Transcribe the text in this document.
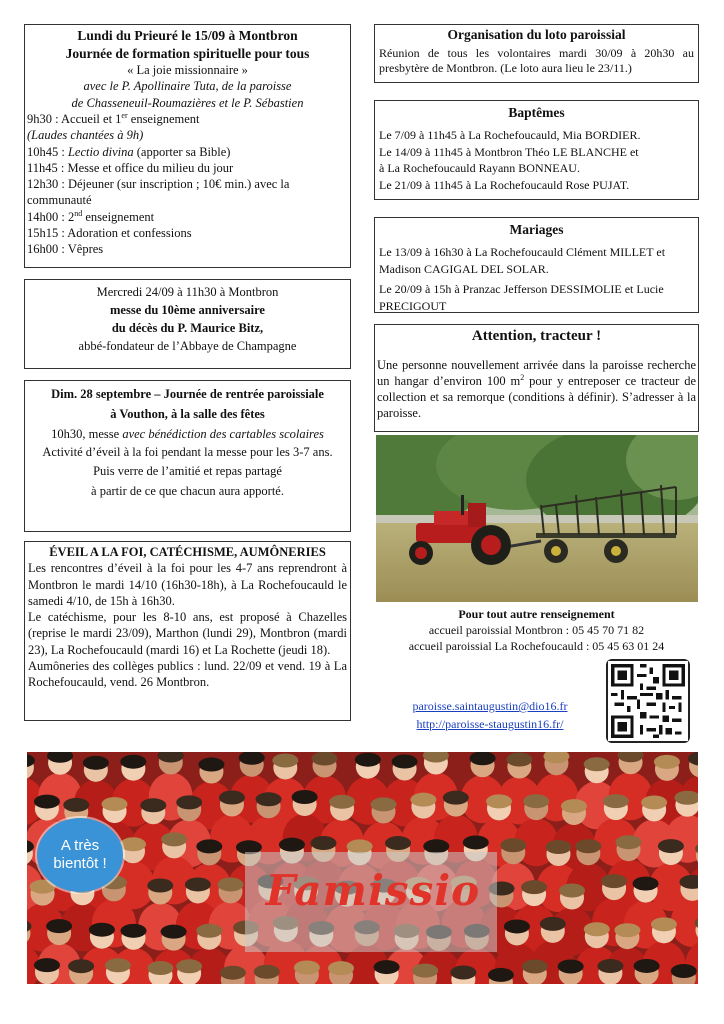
Lundi du Prieuré le 15/09 à Montbron

Journée de formation spirituelle pour tous

« La joie missionnaire »

avec le P. Apollinaire Tuta, de la paroisse

de Chasseneuil-Roumazières et le P. Sébastien

9h30 : Accueil et 1er enseignement

(Laudes chantées à 9h)

10h45 : Lectio divina (apporter sa Bible)

11h45 : Messe et office du milieu du jour

12h30 : Déjeuner (sur inscription ; 10€ min.) avec la communauté

14h00 : 2nd enseignement

15h15 : Adoration et confessions

16h00 : Vêpres

Mercredi 24/09 à 11h30 à Montbron

messe du 10ème anniversaire

du décès du P. Maurice Bitz,

abbé-fondateur de l’Abbaye de Champagne

Dim. 28 septembre – Journée de rentrée paroissiale

à Vouthon, à la salle des fêtes

10h30, messe avec bénédiction des cartables scolaires

Activité d’éveil à la foi pendant la messe pour les 3-7 ans.

Puis verre de l’amitié et repas partagé

à partir de ce que chacun aura apporté.

ÉVEIL A LA FOI, CATÉCHISME, AUMÔNERIES

Les rencontres d’éveil à la foi pour les 4-7 ans reprendront à Montbron le mardi 14/10 (16h30-18h), à La Rochefoucauld le samedi 4/10, de 15h à 16h30.

Le catéchisme, pour les 8-10 ans, est proposé à Chazelles (reprise le mardi 23/09), Marthon (lundi 29), Montbron (mardi 23), La Rochefoucauld (mardi 16) et La Rochette (jeudi 18).

Aumôneries des collèges publics : lund. 22/09 et vend. 19 à La Rochefoucauld, vend. 26 Montbron.

Organisation du loto paroissial

Réunion de tous les volontaires mardi 30/09 à 20h30 au presbytère de Montbron. (Le loto aura lieu le 23/11.)

Baptêmes

Le 7/09 à 11h45 à La Rochefoucauld, Mia BORDIER.

Le 14/09 à 11h45 à Montbron Théo LE BLANCHE et

à La Rochefoucauld Rayann BONNEAU.

Le 21/09 à 11h45 à La Rochefoucauld Rose PUJAT.

Mariages

Le 13/09 à 16h30 à La Rochefoucauld Clément MILLET et Madison CAGIGAL DEL SOLAR.

Le 20/09 à 15h à Pranzac Jefferson DESSIMOLIE et Lucie PRECIGOUT

Attention, tracteur !

Une personne nouvellement arrivée dans la paroisse recherche un hangar d’environ 100 $m^2$ pour y entreposer ce tracteur de collection et sa remorque (conditions à définir). S’adresser à la paroisse.

Pour tout autre renseignement

accueil paroissial Montbron : 05 45 70 71 82

accueil paroissial La Rochefoucauld : 05 45 63 01 24

paroisse.saintaugustin@dio16.fr

http://paroisse-staugustin16.fr/

A très bientôt !
Famissio
